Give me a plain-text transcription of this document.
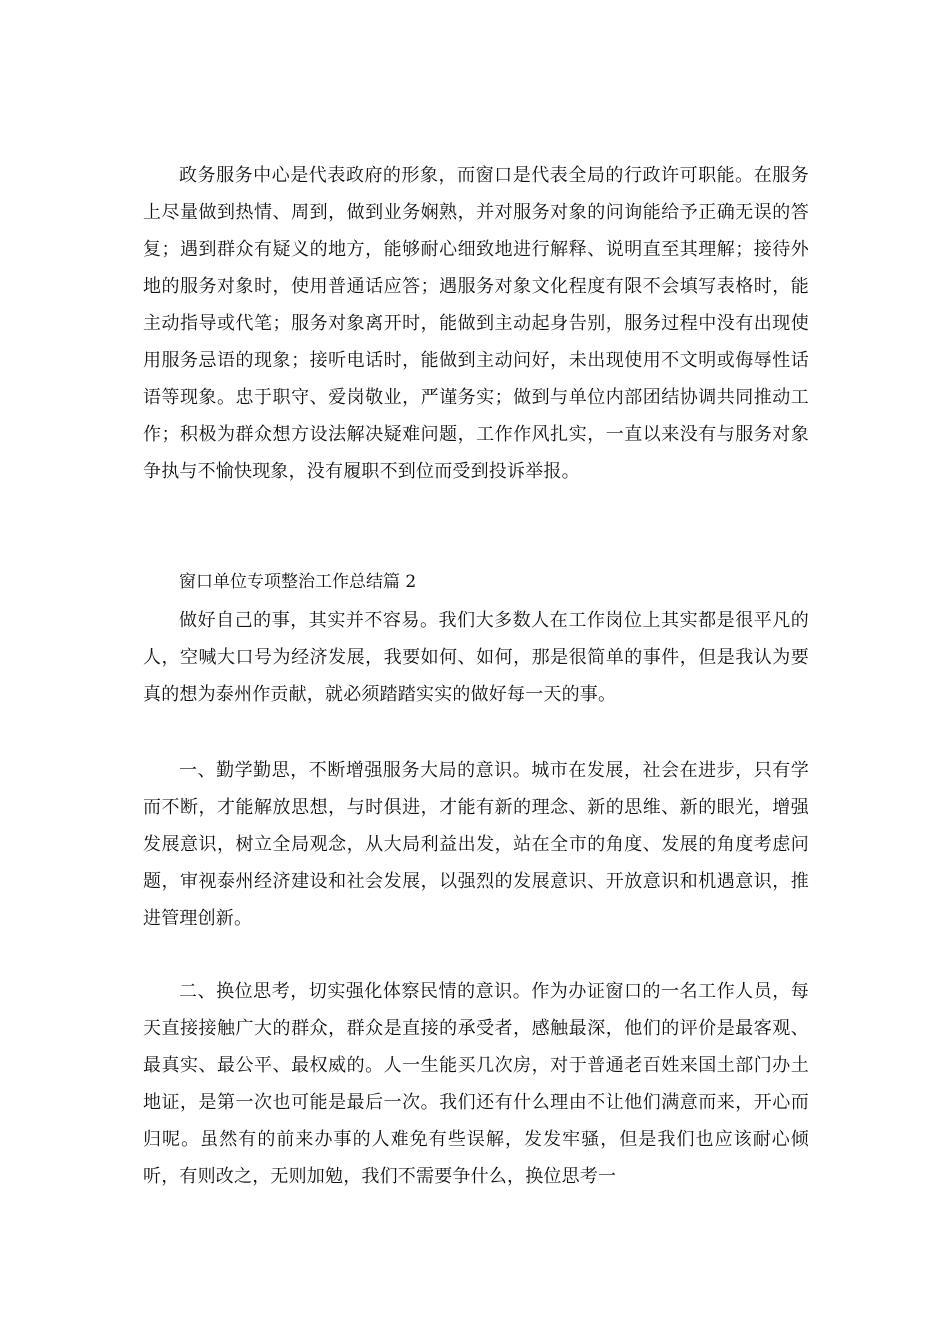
政务服务中心是代表政府的形象，而窗口是代表全局的行政许可职能。在服务上尽量做到热情、周到，做到业务娴熟，并对服务对象的问询能给予正确无误的答复；遇到群众有疑义的地方，能够耐心细致地进行解释、说明直至其理解；接待外地的服务对象时，使用普通话应答；遇服务对象文化程度有限不会填写表格时，能主动指导或代笔；服务对象离开时，能做到主动起身告别，服务过程中没有出现使用服务忌语的现象；接听电话时，能做到主动问好，未出现使用不文明或侮辱性话语等现象。忠于职守、爱岗敬业，严谨务实；做到与单位内部团结协调共同推动工作；积极为群众想方设法解决疑难问题，工作作风扎实，一直以来没有与服务对象争执与不愉快现象，没有履职不到位而受到投诉举报。

窗口单位专项整治工作总结篇 2

做好自己的事，其实并不容易。我们大多数人在工作岗位上其实都是很平凡的人，空喊大口号为经济发展，我要如何、如何，那是很简单的事件，但是我认为要真的想为泰州作贡献，就必须踏踏实实的做好每一天的事。

一、勤学勤思，不断增强服务大局的意识。城市在发展，社会在进步，只有学而不断，才能解放思想，与时俱进，才能有新的理念、新的思维、新的眼光，增强发展意识，树立全局观念，从大局利益出发，站在全市的角度、发展的角度考虑问题，审视泰州经济建设和社会发展，以强烈的发展意识、开放意识和机遇意识，推进管理创新。

二、换位思考，切实强化体察民情的意识。作为办证窗口的一名工作人员，每天直接接触广大的群众，群众是直接的承受者，感触最深，他们的评价是最客观、最真实、最公平、最权威的。人一生能买几次房，对于普通老百姓来国土部门办土地证，是第一次也可能是最后一次。我们还有什么理由不让他们满意而来，开心而归呢。虽然有的前来办事的人难免有些误解，发发牢骚，但是我们也应该耐心倾听，有则改之，无则加勉，我们不需要争什么，换位思考一
